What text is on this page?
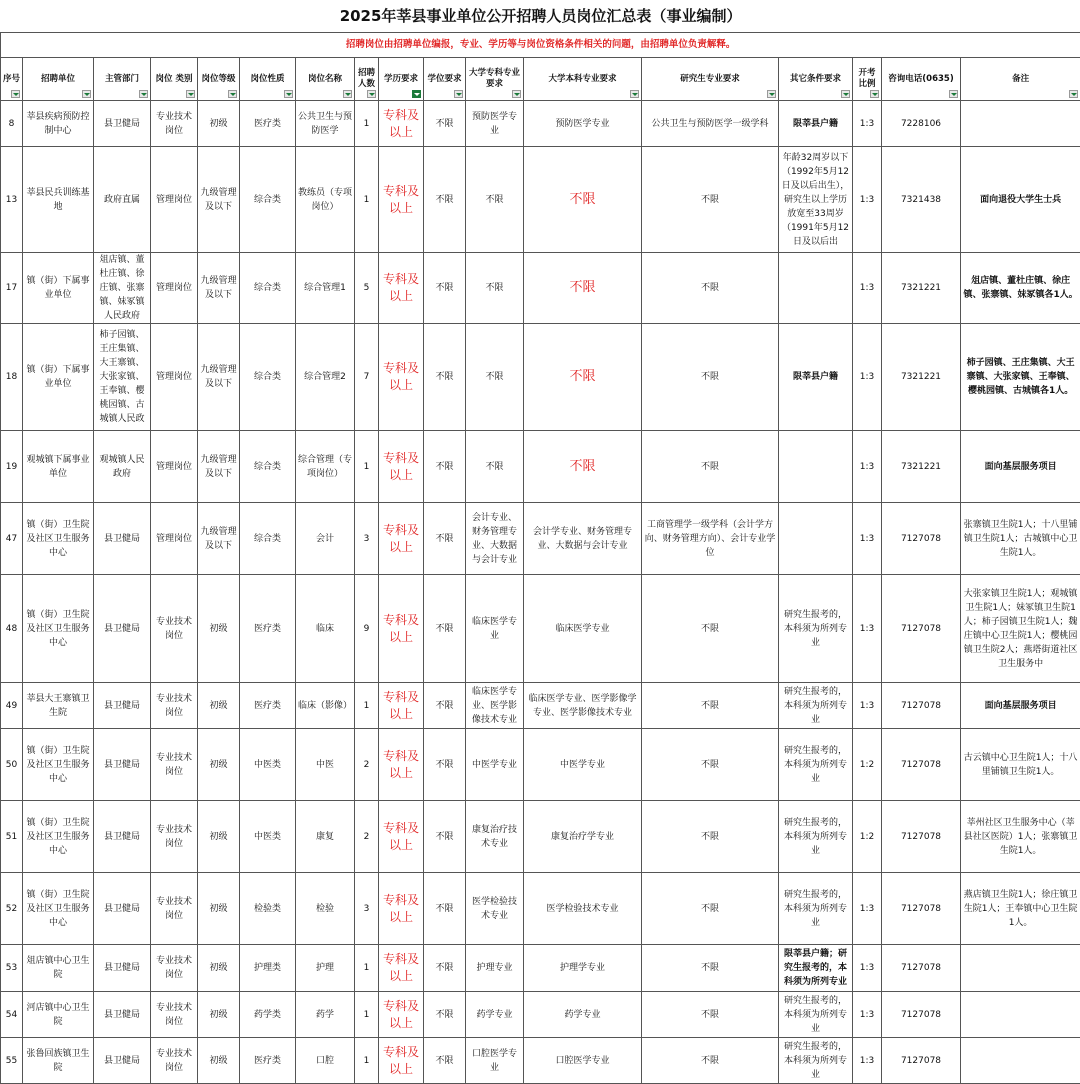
2025年莘县事业单位公开招聘人员岗位汇总表（事业编制）																
招聘岗位由招聘单位编报，专业、学历等与岗位资格条件相关的问题，由招聘单位负责解释。																
序号	招聘单位	主管部门	岗位 类别	岗位等级	岗位性质	岗位名称	招聘人数	学历要求	学位要求	大学专科专业要求	大学本科专业要求	研究生专业要求	其它条件要求	开考比例	咨询电话(0635)	备注

8	莘县疾病预防控制中心	县卫健局	专业技术岗位	初级	医疗类	公共卫生与预防医学	1	专科及以上	不限	预防医学专业	预防医学专业	公共卫生与预防医学一级学科	限莘县户籍	1:3	7228106	
13	莘县民兵训练基地	政府直属	管理岗位	九级管理及以下	综合类	教练员（专项岗位）	1	专科及以上	不限	不限	不限	不限	年龄32周岁以下（1992年5月12日及以后出生），研究生以上学历放宽至33周岁（1991年5月12日及以后出	1:3	7321438	面向退役大学生士兵
17	镇（街）下属事业单位	俎店镇、董杜庄镇、徐庄镇、张寨镇、妹冢镇人民政府	管理岗位	九级管理及以下	综合类	综合管理1	5	专科及以上	不限	不限	不限	不限		1:3	7321221	俎店镇、董杜庄镇、徐庄镇、张寨镇、妹冢镇各1人。
18	镇（街）下属事业单位	柿子园镇、王庄集镇、大王寨镇、大张家镇、王奉镇、樱桃园镇、古城镇人民政	管理岗位	九级管理及以下	综合类	综合管理2	7	专科及以上	不限	不限	不限	不限	限莘县户籍	1:3	7321221	柿子园镇、王庄集镇、大王寨镇、大张家镇、王奉镇、樱桃园镇、古城镇各1人。
19	观城镇下属事业单位	观城镇人民政府	管理岗位	九级管理及以下	综合类	综合管理（专项岗位）	1	专科及以上	不限	不限	不限	不限		1:3	7321221	面向基层服务项目
47	镇（街）卫生院及社区卫生服务中心	县卫健局	管理岗位	九级管理及以下	综合类	会计	3	专科及以上	不限	会计专业、财务管理专业、大数据与会计专业	会计学专业、财务管理专业、大数据与会计专业	工商管理学一级学科（会计学方向、财务管理方向）、会计专业学位		1:3	7127078	张寨镇卫生院1人；十八里铺镇卫生院1人；古城镇中心卫生院1人。
48	镇（街）卫生院及社区卫生服务中心	县卫健局	专业技术岗位	初级	医疗类	临床	9	专科及以上	不限	临床医学专业	临床医学专业	不限	研究生报考的，本科须为所列专业	1:3	7127078	大张家镇卫生院1人；观城镇卫生院1人；妹冢镇卫生院1人；柿子园镇卫生院1人；魏庄镇中心卫生院1人；樱桃园镇卫生院2人；燕塔街道社区卫生服务中
49	莘县大王寨镇卫生院	县卫健局	专业技术岗位	初级	医疗类	临床（影像）	1	专科及以上	不限	临床医学专业、医学影像技术专业	临床医学专业、医学影像学专业、医学影像技术专业	不限	研究生报考的，本科须为所列专业	1:3	7127078	面向基层服务项目
50	镇（街）卫生院及社区卫生服务中心	县卫健局	专业技术岗位	初级	中医类	中医	2	专科及以上	不限	中医学专业	中医学专业	不限	研究生报考的，本科须为所列专业	1:2	7127078	古云镇中心卫生院1人；十八里铺镇卫生院1人。
51	镇（街）卫生院及社区卫生服务中心	县卫健局	专业技术岗位	初级	中医类	康复	2	专科及以上	不限	康复治疗技术专业	康复治疗学专业	不限	研究生报考的，本科须为所列专业	1:2	7127078	莘州社区卫生服务中心（莘县社区医院）1人；张寨镇卫生院1人。
52	镇（街）卫生院及社区卫生服务中心	县卫健局	专业技术岗位	初级	检验类	检验	3	专科及以上	不限	医学检验技术专业	医学检验技术专业	不限	研究生报考的，本科须为所列专业	1:3	7127078	燕店镇卫生院1人；徐庄镇卫生院1人；王奉镇中心卫生院1人。
53	俎店镇中心卫生院	县卫健局	专业技术岗位	初级	护理类	护理	1	专科及以上	不限	护理专业	护理学专业	不限	限莘县户籍；研究生报考的，本科须为所列专业	1:3	7127078	
54	河店镇中心卫生院	县卫健局	专业技术岗位	初级	药学类	药学	1	专科及以上	不限	药学专业	药学专业	不限	研究生报考的，本科须为所列专业	1:3	7127078	
55	张鲁回族镇卫生院	县卫健局	专业技术岗位	初级	医疗类	口腔	1	专科及以上	不限	口腔医学专业	口腔医学专业	不限	研究生报考的，本科须为所列专业	1:3	7127078	
